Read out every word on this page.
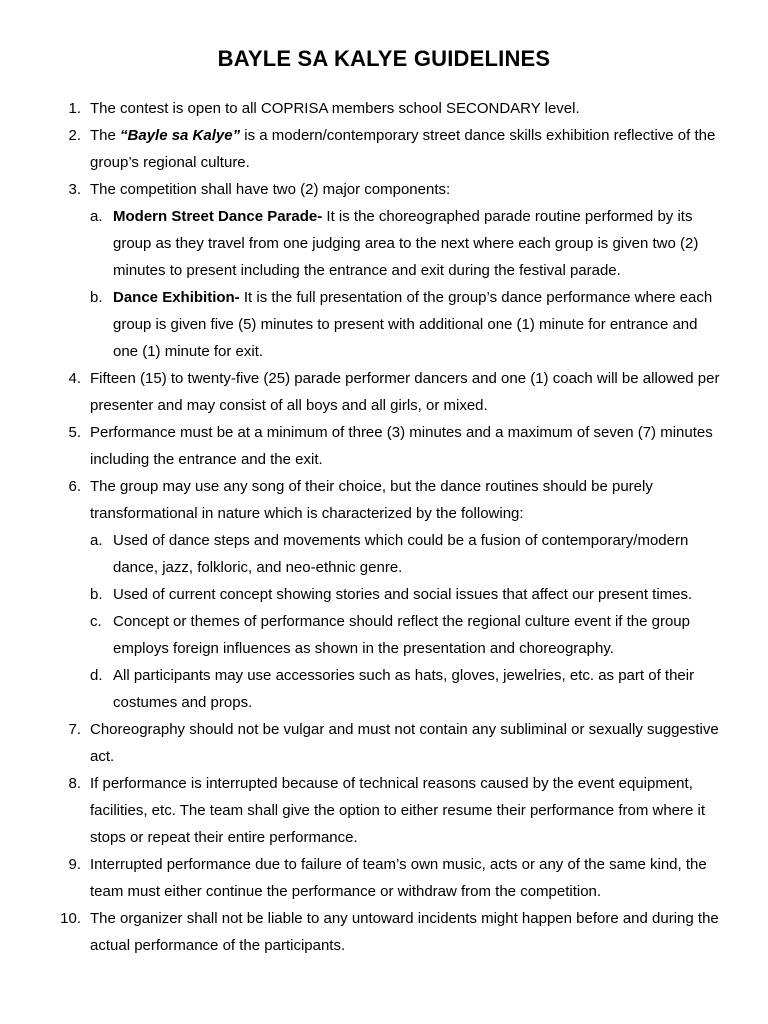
BAYLE SA KALYE GUIDELINES
1. The contest is open to all COPRISA members school SECONDARY level.
2. The “Bayle sa Kalye” is a modern/contemporary street dance skills exhibition reflective of the group’s regional culture.
3. The competition shall have two (2) major components:
a. Modern Street Dance Parade- It is the choreographed parade routine performed by its group as they travel from one judging area to the next where each group is given two (2) minutes to present including the entrance and exit during the festival parade.
b. Dance Exhibition- It is the full presentation of the group’s dance performance where each group is given five (5) minutes to present with additional one (1) minute for entrance and one (1) minute for exit.
4. Fifteen (15) to twenty-five (25) parade performer dancers and one (1) coach will be allowed per presenter and may consist of all boys and all girls, or mixed.
5. Performance must be at a minimum of three (3) minutes and a maximum of seven (7) minutes including the entrance and the exit.
6. The group may use any song of their choice, but the dance routines should be purely transformational in nature which is characterized by the following:
a. Used of dance steps and movements which could be a fusion of contemporary/modern dance, jazz, folkloric, and neo-ethnic genre.
b. Used of current concept showing stories and social issues that affect our present times.
c. Concept or themes of performance should reflect the regional culture event if the group employs foreign influences as shown in the presentation and choreography.
d. All participants may use accessories such as hats, gloves, jewelries, etc. as part of their costumes and props.
7. Choreography should not be vulgar and must not contain any subliminal or sexually suggestive act.
8. If performance is interrupted because of technical reasons caused by the event equipment, facilities, etc. The team shall give the option to either resume their performance from where it stops or repeat their entire performance.
9. Interrupted performance due to failure of team’s own music, acts or any of the same kind, the team must either continue the performance or withdraw from the competition.
10. The organizer shall not be liable to any untoward incidents might happen before and during the actual performance of the participants.
